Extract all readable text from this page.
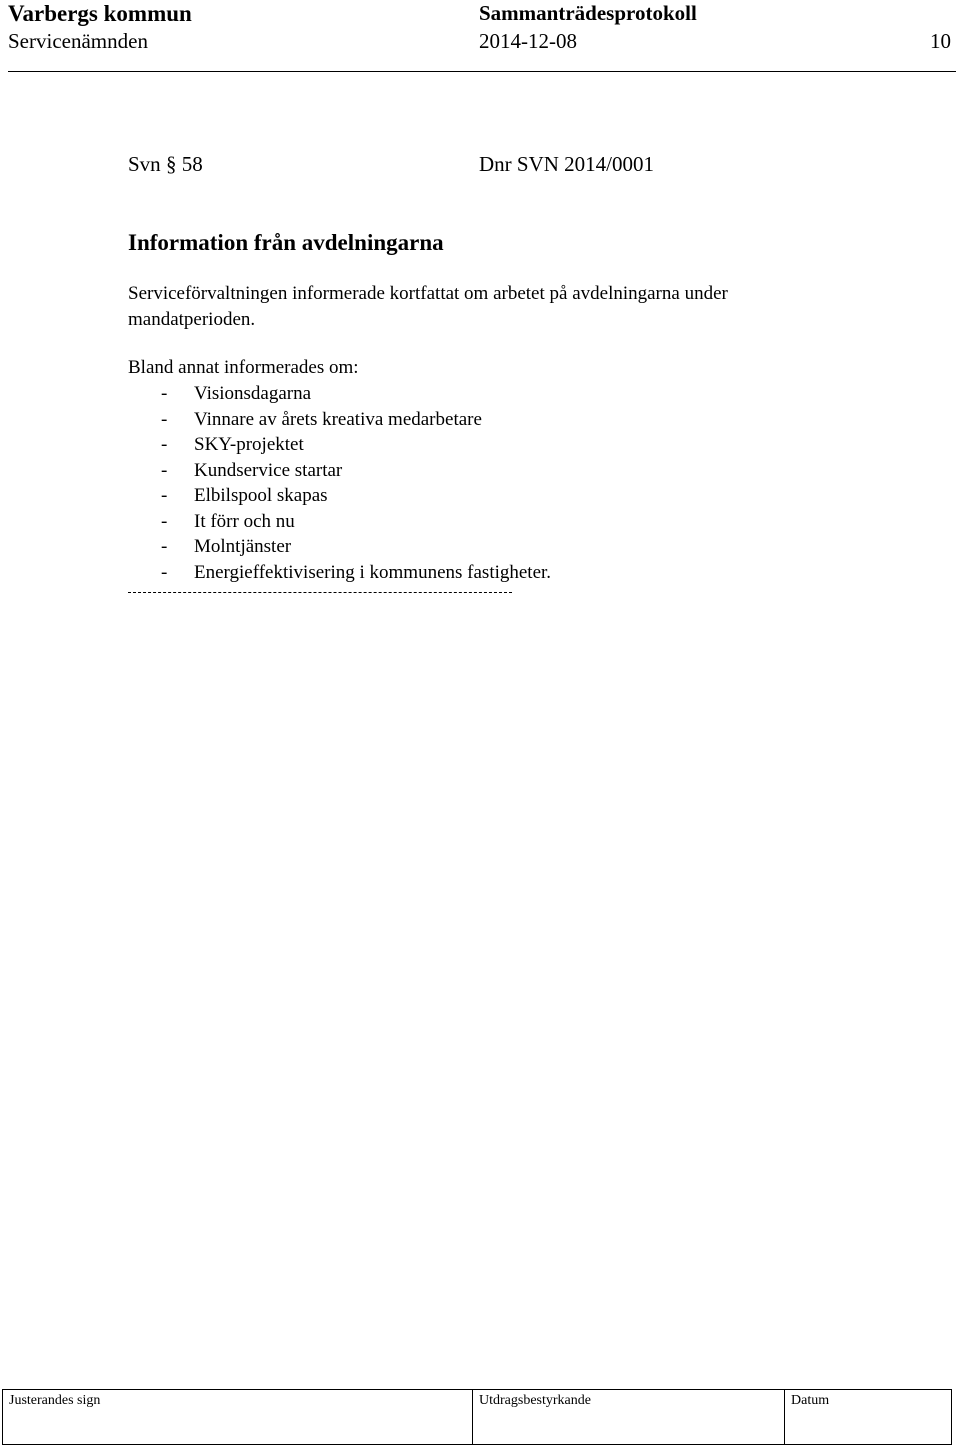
Varbergs kommun	Sammanträdesprotokoll
Servicenämnden	2014-12-08	10
Svn § 58	Dnr SVN 2014/0001
Information från avdelningarna
Serviceförvaltningen informerade kortfattat om arbetet på avdelningarna under mandatperioden.
Bland annat informerades om:
- Visionsdagarna
- Vinnare av årets kreativa medarbetare
- SKY-projektet
- Kundservice startar
- Elbilspool skapas
- It förr och nu
- Molntjänster
- Energieffektivisering i kommunens fastigheter.
Justerandes sign	Utdragsbestyrkande	Datum
